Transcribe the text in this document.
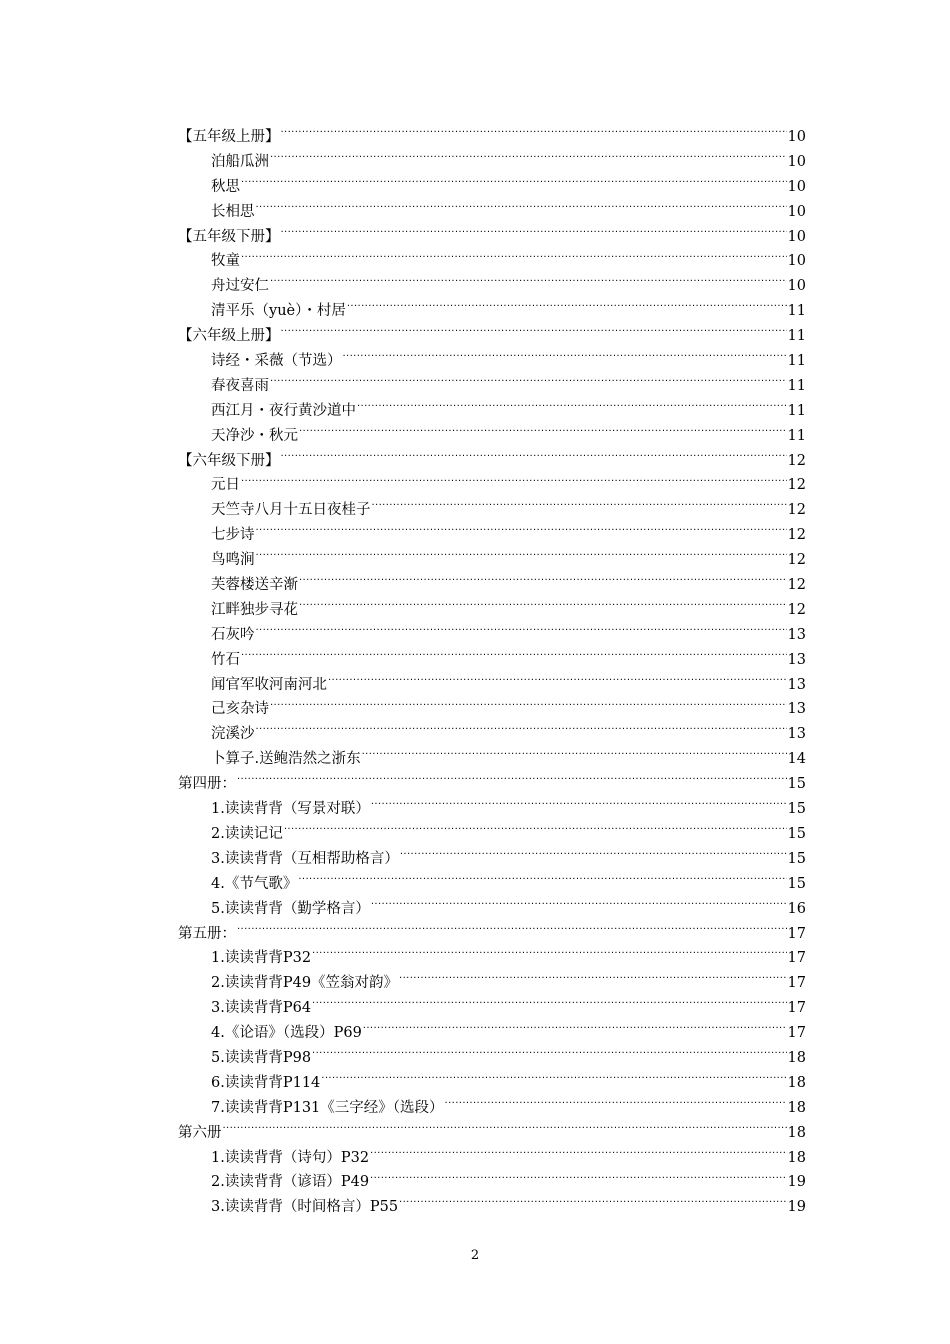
【五年级上册】 . . .	10
泊船瓜洲 . . .	10
秋思 . . .	10
长相思 . . .	10
【五年级下册】 . . .	10
牧童 . . .	10
舟过安仁 . . .	10
清平乐（yuè）・村居 . . .	11
【六年级上册】 . . .	11
诗经・采薇（节选） . . .	11
春夜喜雨 . . .	11
西江月・夜行黄沙道中 . . .	11
天净沙・秋元 . . .	11
【六年级下册】 . . .	12
元日 . . .	12
天竺寺八月十五日夜桂子 . . .	12
七步诗 . . .	12
鸟鸣涧 . . .	12
芙蓉楼送辛渐 . . .	12
江畔独步寻花 . . .	12
石灰吟 . . .	13
竹石 . . .	13
闻官军收河南河北 . . .	13
己亥杂诗 . . .	13
浣溪沙 . . .	13
卜算子.送鲍浩然之浙东 . . .	14
第四册： . . .	15
1.读读背背（写景对联） . . .	15
2.读读记记 . . .	15
3.读读背背（互相帮助格言） . . .	15
4.《节气歌》 . . .	15
5.读读背背（勤学格言） . . .	16
第五册： . . .	17
1.读读背背P32 . . .	17
2.读读背背P49《笠翁对韵》 . . .	17
3.读读背背P64 . . .	17
4.《论语》（选段）P69 . . .	17
5.读读背背P98 . . .	18
6.读读背背P114 . . .	18
7.读读背背P131《三字经》（选段） . . .	18
第六册 . . .	18
1.读读背背（诗句）P32 . . .	18
2.读读背背（谚语）P49 . . .	19
3.读读背背（时间格言）P55 . . .	19
2
